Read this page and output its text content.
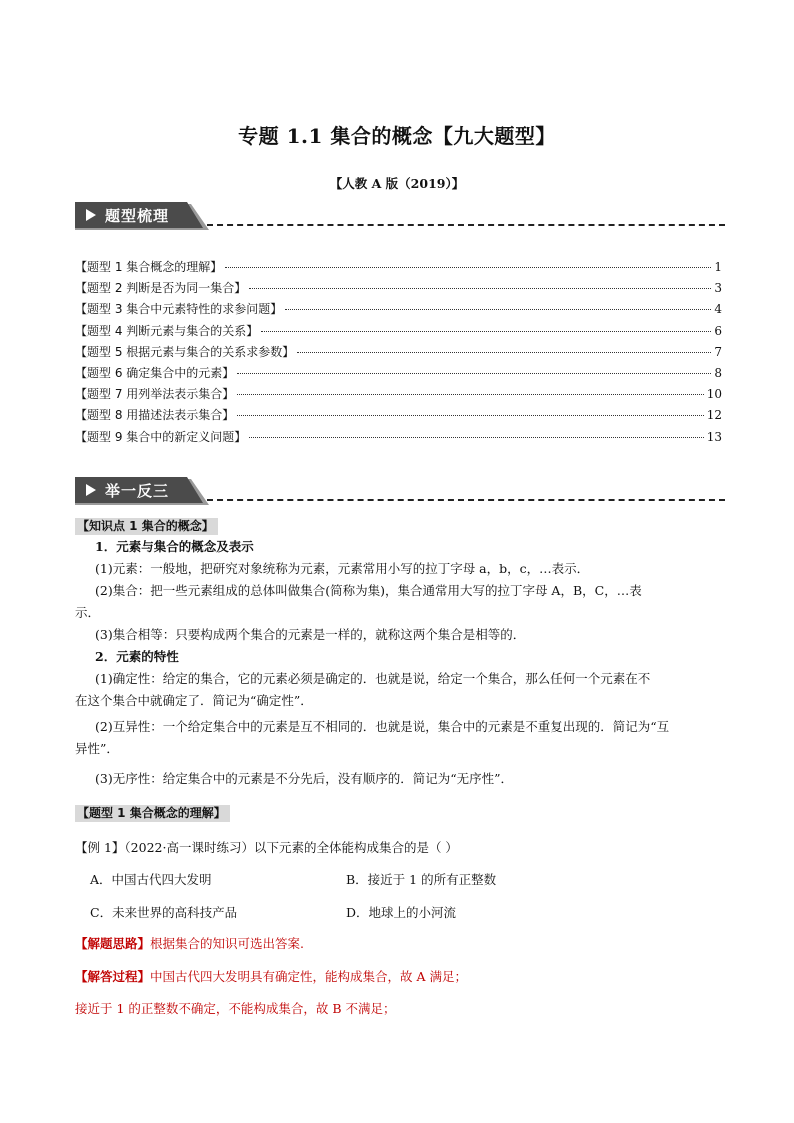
专题 1.1 集合的概念【九大题型】
【人教 A 版（2019）】
题型梳理
【题型 1 集合概念的理解】	1
【题型 2 判断是否为同一集合】	3
【题型 3 集合中元素特性的求参问题】	4
【题型 4 判断元素与集合的关系】	6
【题型 5 根据元素与集合的关系求参数】	7
【题型 6 确定集合中的元素】	8
【题型 7 用列举法表示集合】	10
【题型 8 用描述法表示集合】	12
【题型 9 集合中的新定义问题】	13
举一反三
【知识点 1 集合的概念】
1．元素与集合的概念及表示
(1)元素：一般地，把研究对象统称为元素，元素常用小写的拉丁字母 a，b，c，…表示．
(2)集合：把一些元素组成的总体叫做集合(简称为集)，集合通常用大写的拉丁字母 A，B，C，…表
示．
(3)集合相等：只要构成两个集合的元素是一样的，就称这两个集合是相等的．
2．元素的特性
(1)确定性：给定的集合，它的元素必须是确定的．也就是说，给定一个集合，那么任何一个元素在不
在这个集合中就确定了．简记为“确定性”．
(2)互异性：一个给定集合中的元素是互不相同的．也就是说，集合中的元素是不重复出现的．简记为“互
异性”．
(3)无序性：给定集合中的元素是不分先后，没有顺序的．简记为“无序性”．
【题型 1 集合概念的理解】
【例 1】（2022·高一课时练习）以下元素的全体能构成集合的是（ ）
A．中国古代四大发明	B．接近于 1 的所有正整数
C．未来世界的高科技产品	D．地球上的小河流
【解题思路】根据集合的知识可选出答案.
【解答过程】中国古代四大发明具有确定性，能构成集合，故 A 满足；
接近于 1 的正整数不确定，不能构成集合，故 B 不满足；
